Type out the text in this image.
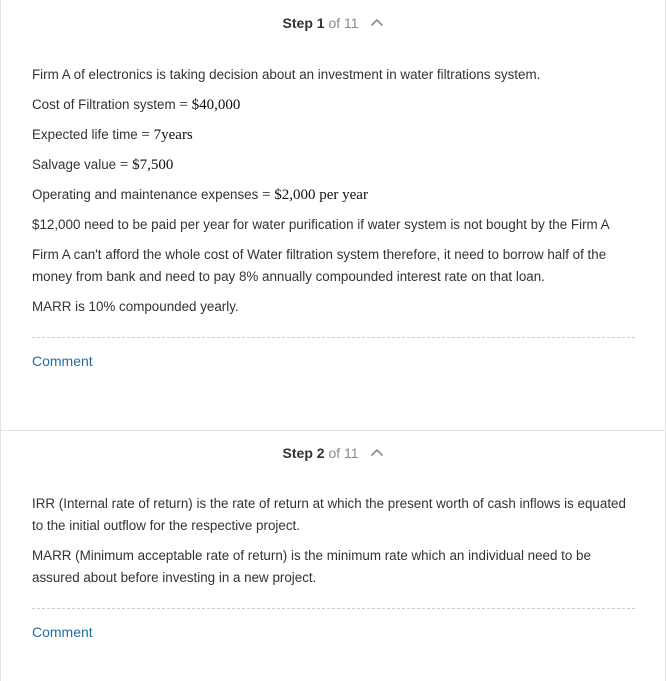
Step 1 of 11

Firm A of electronics is taking decision about an investment in water filtrations system.

Cost of Filtration system = $40,000

Expected life time = 7years

Salvage value = $7,500

Operating and maintenance expenses = $2,000 per year

$12,000 need to be paid per year for water purification if water system is not bought by the Firm A

Firm A can't afford the whole cost of Water filtration system therefore, it need to borrow half of the money from bank and need to pay 8% annually compounded interest rate on that loan.

MARR is 10% compounded yearly.

Comment
Step 2 of 11

IRR (Internal rate of return) is the rate of return at which the present worth of cash inflows is equated to the initial outflow for the respective project.

MARR (Minimum acceptable rate of return) is the minimum rate which an individual need to be assured about before investing in a new project.

Comment
